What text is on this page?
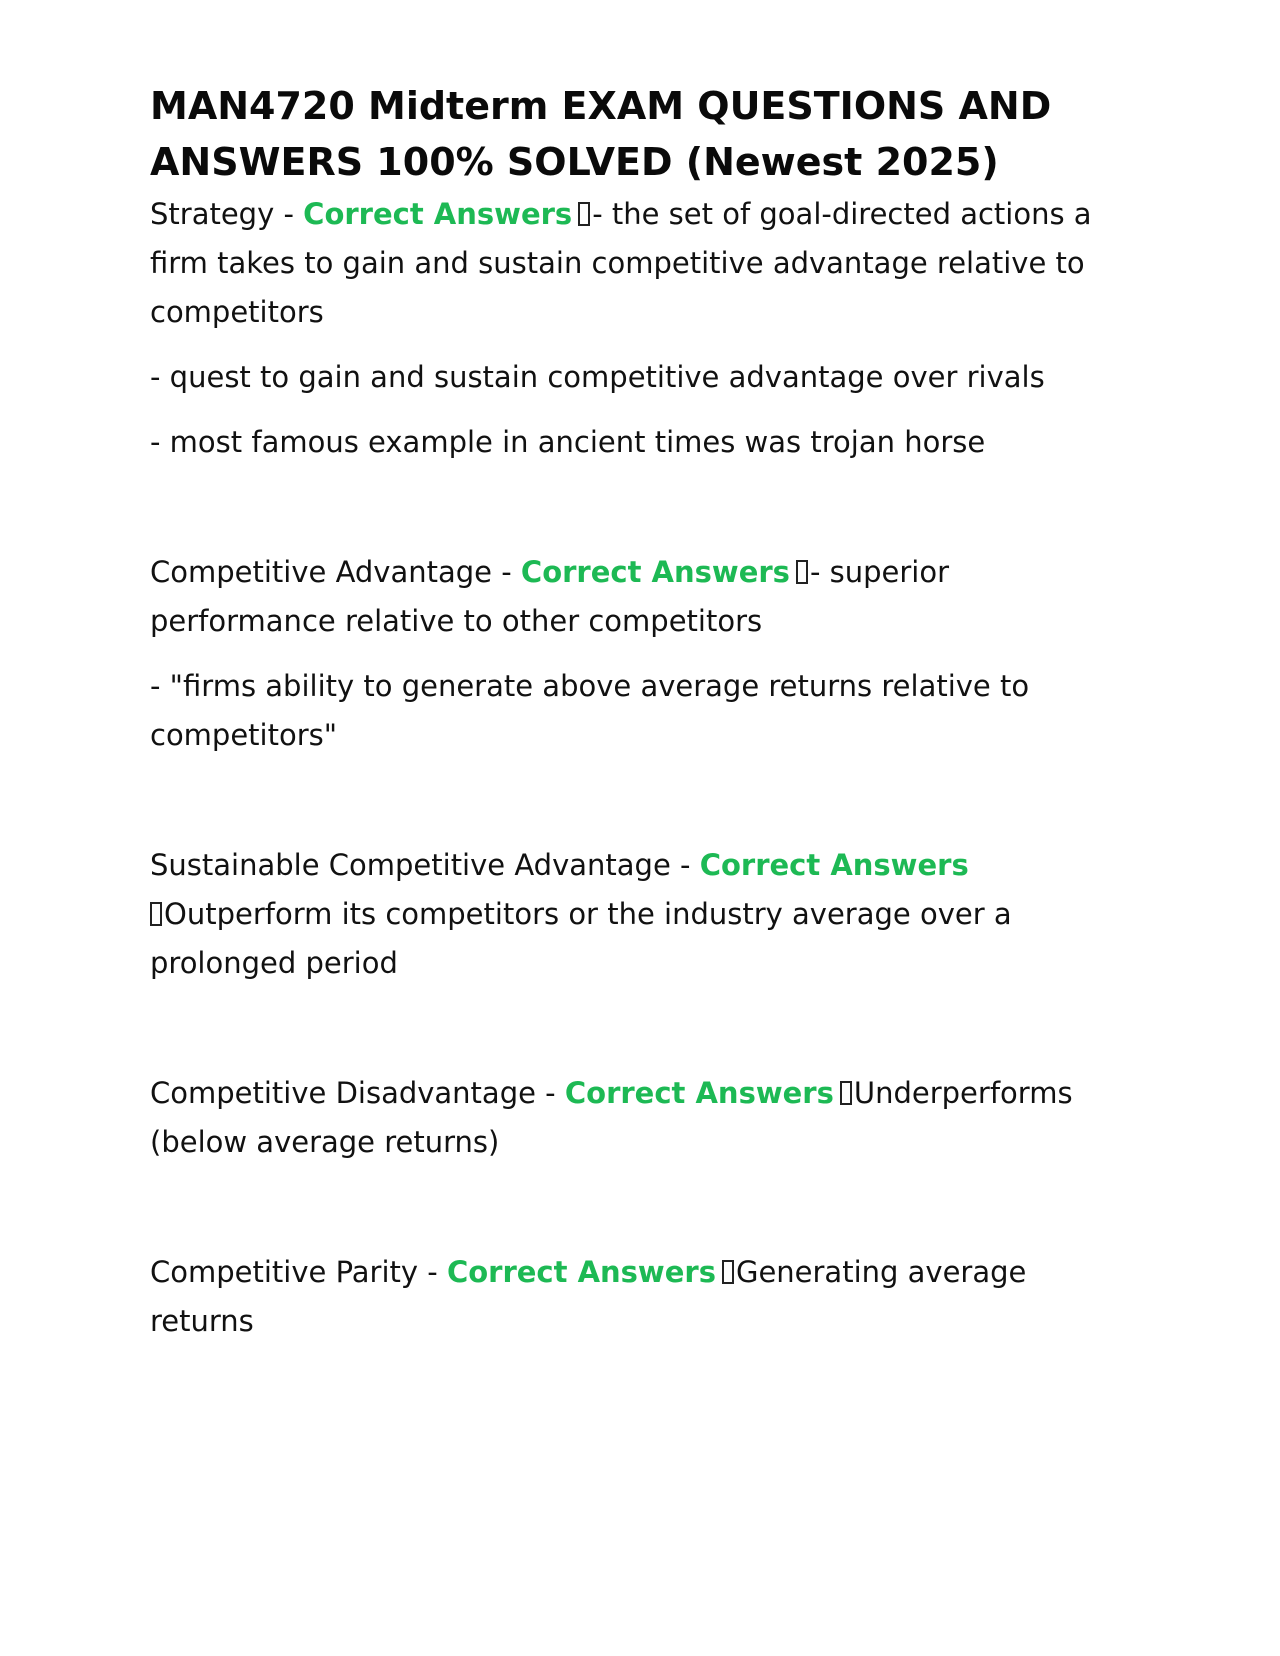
MAN4720 Midterm EXAM QUESTIONS AND ANSWERS 100% SOLVED (Newest 2025)

Strategy - Correct Answers - the set of goal-directed actions a firm takes to gain and sustain competitive advantage relative to competitors

- quest to gain and sustain competitive advantage over rivals

- most famous example in ancient times was trojan horse

Competitive Advantage - Correct Answers - superior performance relative to other competitors

- "firms ability to generate above average returns relative to competitors"

Sustainable Competitive Advantage - Correct Answers
Outperform its competitors or the industry average over a prolonged period

Competitive Disadvantage - Correct Answers Underperforms (below average returns)

Competitive Parity - Correct Answers Generating average returns
